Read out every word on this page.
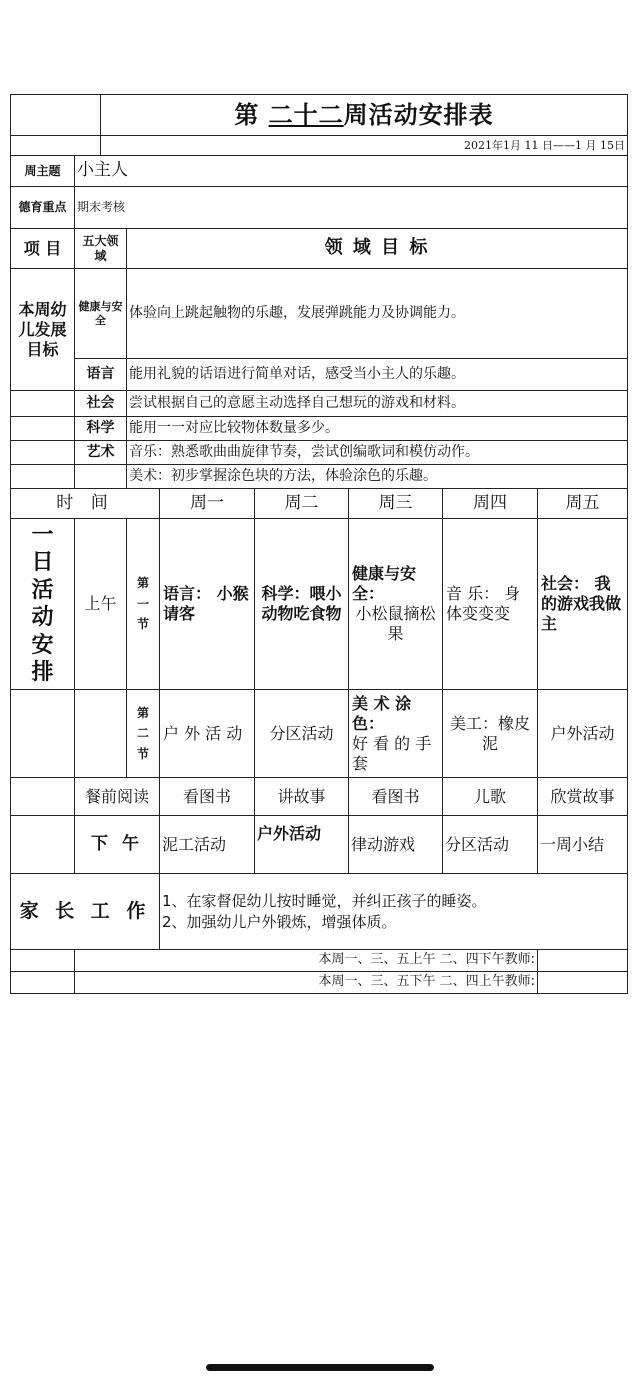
		第 二十二周活动安排表						
		2021年1月 11 日——1 月 15日						
周主题	小主人							
德育重点	期末考核							
项 目	五大领域		领 域 目 标					
本周幼儿发展目标	健康与安全		体验向上跳起触物的乐趣，发展弹跳能力及协调能力。					
	语言		能用礼貌的话语进行简单对话，感受当小主人的乐趣。					
	社会		尝试根据自己的意愿主动选择自己想玩的游戏和材料。					
	科学		能用一一对应比较物体数量多少。					
	艺术		音乐：熟悉歌曲曲旋律节奏，尝试创编歌词和模仿动作。					
			美术：初步掌握涂色块的方法，体验涂色的乐趣。					
时 间				周一	周二	周三	周四	周五

一日活动安排	上午		第一节	语言： 小猴请客	科学：喂小动物吃食物	健康与安全：
小松鼠摘松果	音 乐： 身体变变变	社会： 我的游戏我做主

			第二节	户 外 活 动	分区活动	美 术 涂色：
好 看 的 手 套	美工：橡皮泥	户外活动
	餐前阅读			看图书	讲故事	看图书	儿歌	欣赏故事
	下 午			泥工活动	户外活动	律动游戏	分区活动	一周小结
家 长 工 作				1、在家督促幼儿按时睡觉，并纠正孩子的睡姿。
2、加强幼儿户外锻炼，增强体质。				

	本周一、三、五上午 二、四下午教师:							
	本周一、三、五下午 二、四上午教师:							
